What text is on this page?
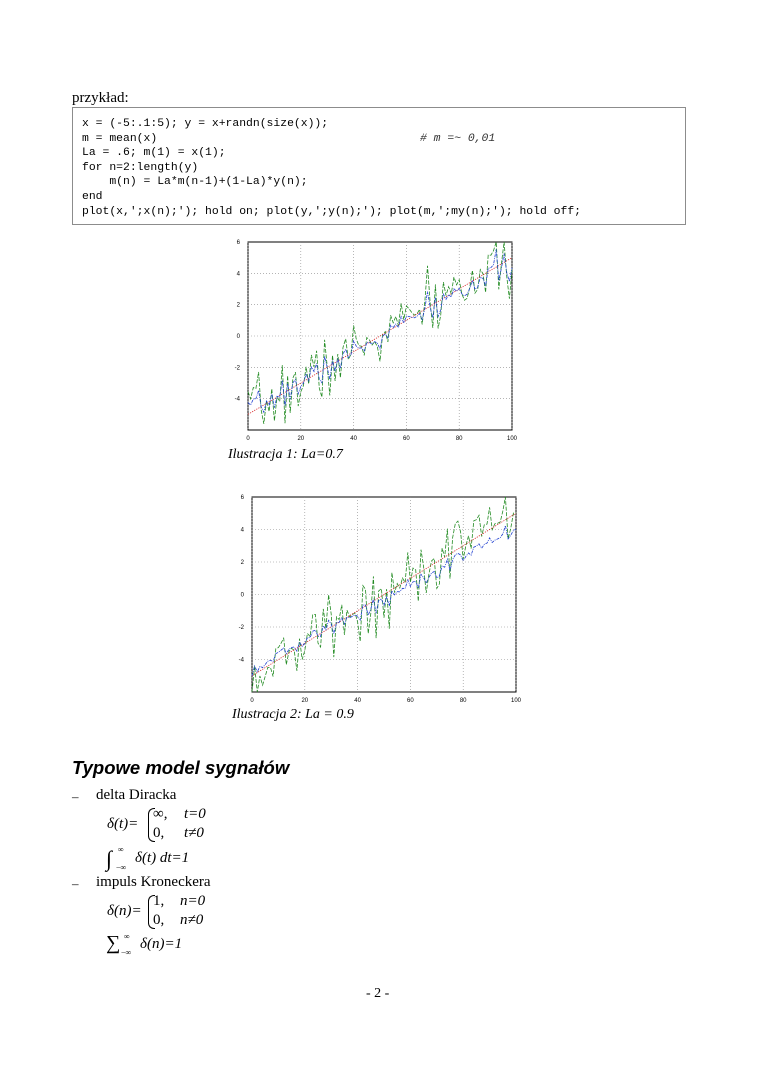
przykład:
x = (-5:.1:5); y = x+randn(size(x));
m = mean(x)	# m =~ 0,01
La = .6; m(1) = x(1);
for n=2:length(y)
m(n) = La*m(n-1)+(1-La)*y(n);
end
plot(x,';x(n);'); hold on; plot(y,';y(n);'); plot(m,';my(n);'); hold off;
0	20	40	60	80	100
6
4
2
0
-2
-4
Ilustracja 1: La=0.7
0	20	40	60	80	100
6
4
2
0
-2
-4
Ilustracja 2: La = 0.9
Typowe model sygnałów
– delta Diracka
δ(t)=
∞, t=0
0, t≠0
∫ ∞
−∞
δ(t) dt=1
– impuls Kroneckera
δ(n)=
1, n=0
0, n≠0
∑ ∞
−∞
δ(n)=1
- 2 -
